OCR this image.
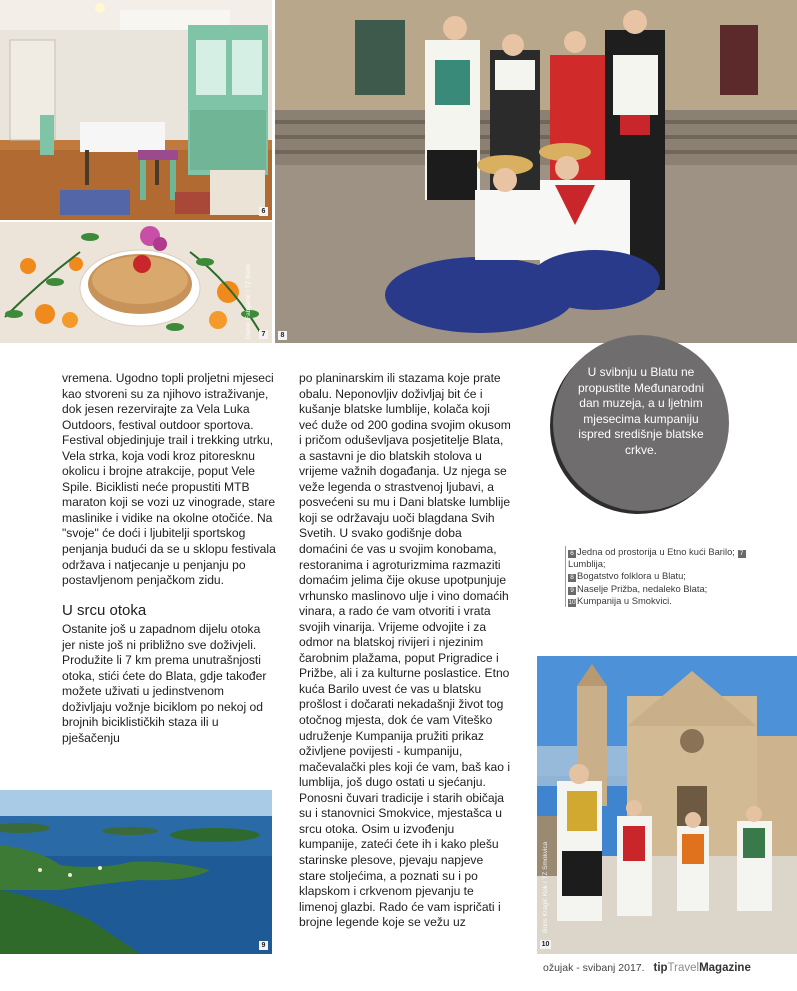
6
Damir Fabijanić / TZ Blato	7	8
U svibnju u Blatu ne propustite Međunarodni dan muzeja, a u ljetnim mjesecima kumpaniju ispred središnje blatske crkve.

vremena. Ugodno topli proljetni mjeseci kao stvoreni su za njihovo istraživanje, dok jesen rezervirajte za Vela Luka Outdoors, festival outdoor sportova. Festival objedinjuje trail i trekking utrku, Vela strka, koja vodi kroz pitoresknu okolicu i brojne atrakcije, poput Vele Spile. Biciklisti neće propustiti MTB maraton koji se vozi uz vinograde, stare maslinike i vidike na okolne otočiće. Na "svoje" će doći i ljubitelji sportskog penjanja budući da se u sklopu festivala održava i natjecanje u penjanju po postavljenom penjačkom zidu.

U srcu otoka

Ostanite još u zapadnom dijelu otoka jer niste još ni približno sve doživjeli. Produžite li 7 km prema unutrašnjosti otoka, stići ćete do Blata, gdje također možete uživati u jedinstvenom doživljaju vožnje biciklom po nekoj od brojnih biciklističkih staza ili u pješačenju

po planinarskim ili stazama koje prate obalu. Neponovljiv doživljaj bit će i kušanje blatske lumblije, kolača koji već duže od 200 godina svojim okusom i pričom oduševljava posjetitelje Blata, a sastavni je dio blatskih stolova u vrijeme važnih događanja. Uz njega se veže legenda o strastvenoj ljubavi, a posvećeni su mu i Dani blatske lumblije koji se održavaju uoči blagdana Svih Svetih. U svako godišnje doba domaćini će vas u svojim konobama, restoranima i agroturizmima razmaziti domaćim jelima čije okuse upotpunjuje vrhunsko maslinovo ulje i vino domaćih vinara, a rado će vam otvoriti i vrata svojih vinarija. Vrijeme odvojite i za odmor na blatskoj rivijeri i njezinim čarobnim plažama, poput Prigradice i Prižbe, ali i za kulturne poslastice. Etno kuća Barilo uvest će vas u blatsku prošlost i dočarati nekadašnji život tog otočnog mjesta, dok će vam Viteško udruženje Kumpanija pružiti prikaz oživljene povijesti - kumpaniju, mačevalački ples koji će vam, baš kao i lumblija, još dugo ostati u sjećanju. Ponosni čuvari tradicije i starih običaja su i stanovnici Smokvice, mjestašca u srcu otoka. Osim u izvođenju kumpanije, zateći ćete ih i kako plešu starinske plesove, pjevaju napjeve stare stoljećima, a poznati su i po klapskom i crkvenom pjevanju te limenoj glazbi. Rado će vam ispričati i brojne legende koje se vežu uz

6 Jedna od prostorija u Etno kući Barilo; 7Lumblija;
8 Bogatstvo folklora u Blatu;
9 Naselje Prižba, nedaleko Blata;
10Kumpanija u Smokvici.
9
Boris Kragić Kok / TZ Smokvica
10
ožujak - svibanj 2017. tipTravelMagazine
